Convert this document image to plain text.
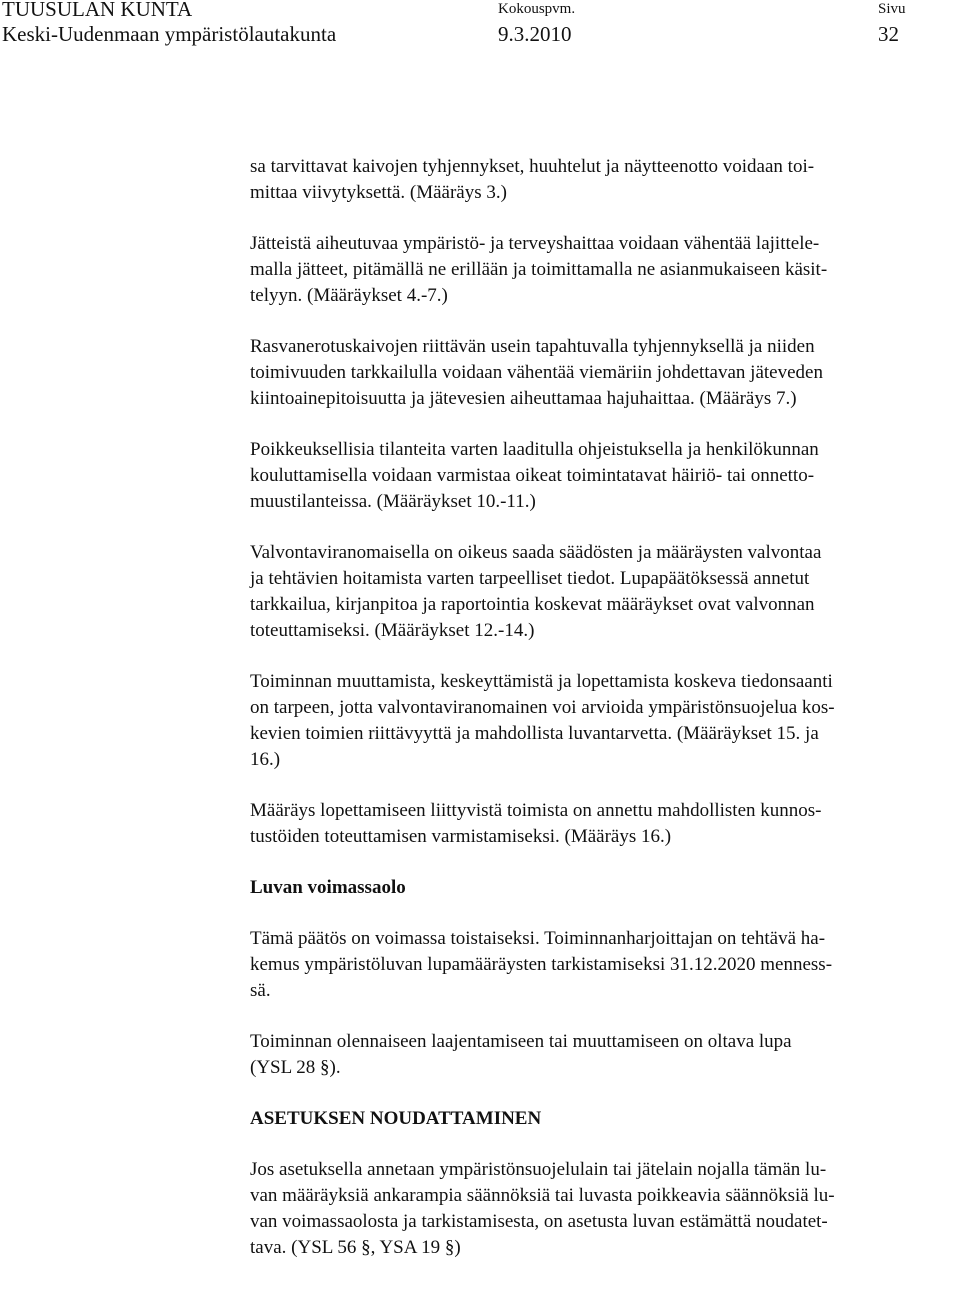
TUUSULAN KUNTA
Keski-Uudenmaan ympäristölautakunta
Kokouspvm.
9.3.2010
Sivu
32

sa tarvittavat kaivojen tyhjennykset, huuhtelut ja näytteenotto voidaan toi-
mittaa viivytyksettä. (Määräys 3.)

Jätteistä aiheutuvaa ympäristö- ja terveyshaittaa voidaan vähentää lajittele-
malla jätteet, pitämällä ne erillään ja toimittamalla ne asianmukaiseen käsit-
telyyn. (Määräykset 4.-7.)

Rasvanerotuskaivojen riittävän usein tapahtuvalla tyhjennyksellä ja niiden
toimivuuden tarkkailulla voidaan vähentää viemäriin johdettavan jäteveden
kiintoainepitoisuutta ja jätevesien aiheuttamaa hajuhaittaa. (Määräys 7.)

Poikkeuksellisia tilanteita varten laaditulla ohjeistuksella ja henkilökunnan
kouluttamisella voidaan varmistaa oikeat toimintatavat häiriö- tai onnetto-
muustilanteissa. (Määräykset 10.-11.)

Valvontaviranomaisella on oikeus saada säädösten ja määräysten valvontaa
ja tehtävien hoitamista varten tarpeelliset tiedot. Lupapäätöksessä annetut
tarkkailua, kirjanpitoa ja raportointia koskevat määräykset ovat valvonnan
toteuttamiseksi. (Määräykset 12.-14.)

Toiminnan muuttamista, keskeyttämistä ja lopettamista koskeva tiedonsaanti
on tarpeen, jotta valvontaviranomainen voi arvioida ympäristönsuojelua kos-
kevien toimien riittävyyttä ja mahdollista luvantarvetta. (Määräykset 15. ja
16.)

Määräys lopettamiseen liittyvistä toimista on annettu mahdollisten kunnos-
tustöiden toteuttamisen varmistamiseksi. (Määräys 16.)

Luvan voimassaolo

Tämä päätös on voimassa toistaiseksi. Toiminnanharjoittajan on tehtävä ha-
kemus ympäristöluvan lupamääräysten tarkistamiseksi 31.12.2020 menness-
sä.

Toiminnan olennaiseen laajentamiseen tai muuttamiseen on oltava lupa
(YSL 28 §).

ASETUKSEN NOUDATTAMINEN

Jos asetuksella annetaan ympäristönsuojelulain tai jätelain nojalla tämän lu-
van määräyksiä ankarampia säännöksiä tai luvasta poikkeavia säännöksiä lu-
van voimassaolosta ja tarkistamisesta, on asetusta luvan estämättä noudatet-
tava. (YSL 56 §, YSA 19 §)
